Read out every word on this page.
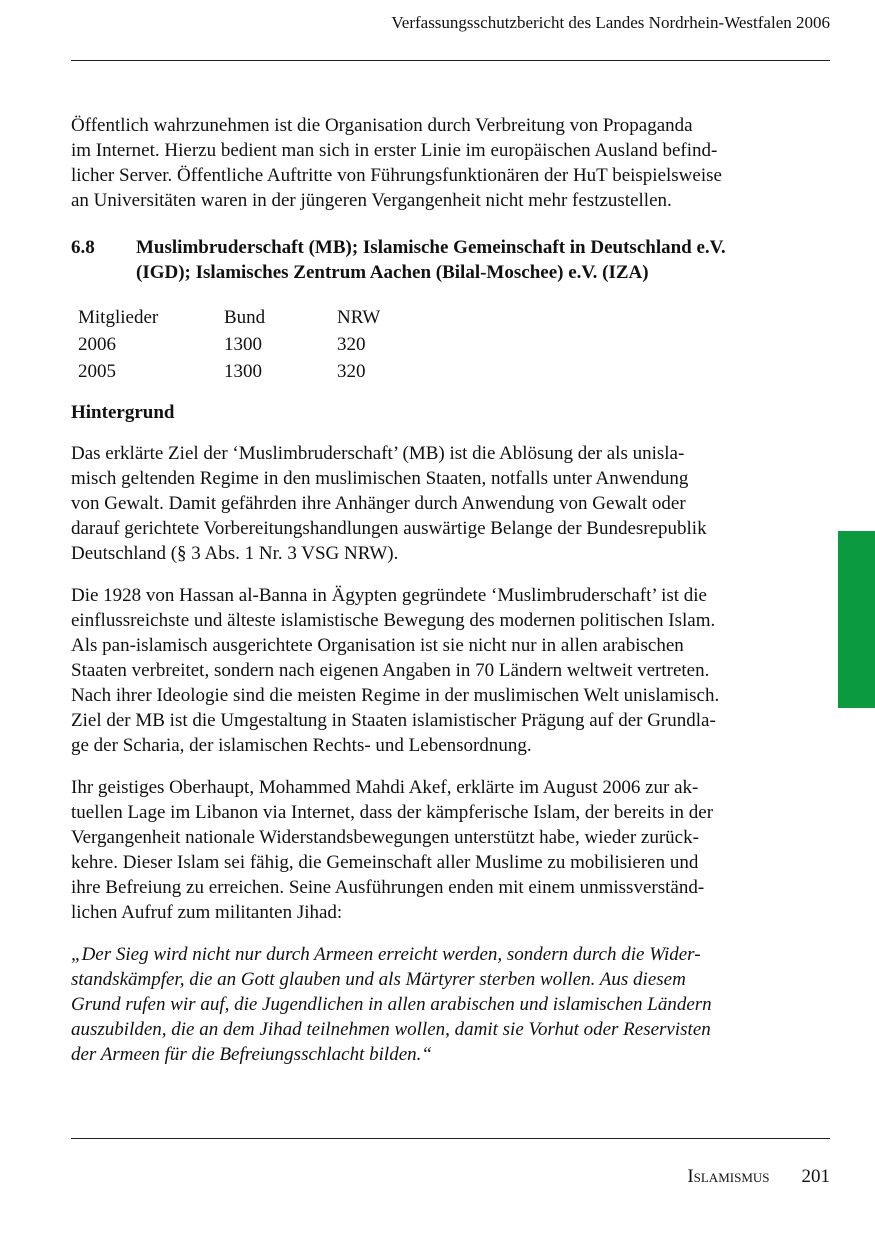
Verfassungsschutzbericht des Landes Nordrhein-Westfalen 2006

Öffentlich wahrzunehmen ist die Organisation durch Verbreitung von Propaganda
im Internet. Hierzu bedient man sich in erster Linie im europäischen Ausland befind-
licher Server. Öffentliche Auftritte von Führungsfunktionären der HuT beispielsweise
an Universitäten waren in der jüngeren Vergangenheit nicht mehr festzustellen.

6.8	Muslimbruderschaft (MB); Islamische Gemeinschaft in Deutschland e.V.
(IGD); Islamisches Zentrum Aachen (Bilal-Moschee) e.V. (IZA)
Mitglieder	Bund	NRW
2006	1300	320
2005	1300	320
Hintergrund

Das erklärte Ziel der ‘Muslimbruderschaft’ (MB) ist die Ablösung der als unisla-
misch geltenden Regime in den muslimischen Staaten, notfalls unter Anwendung
von Gewalt. Damit gefährden ihre Anhänger durch Anwendung von Gewalt oder
darauf gerichtete Vorbereitungshandlungen auswärtige Belange der Bundesrepublik
Deutschland (§ 3 Abs. 1 Nr. 3 VSG NRW).

Die 1928 von Hassan al-Banna in Ägypten gegründete ‘Muslimbruderschaft’ ist die
einflussreichste und älteste islamistische Bewegung des modernen politischen Islam.
Als pan-islamisch ausgerichtete Organisation ist sie nicht nur in allen arabischen
Staaten verbreitet, sondern nach eigenen Angaben in 70 Ländern weltweit vertreten.
Nach ihrer Ideologie sind die meisten Regime in der muslimischen Welt unislamisch.
Ziel der MB ist die Umgestaltung in Staaten islamistischer Prägung auf der Grundla-
ge der Scharia, der islamischen Rechts- und Lebensordnung.

Ihr geistiges Oberhaupt, Mohammed Mahdi Akef, erklärte im August 2006 zur ak-
tuellen Lage im Libanon via Internet, dass der kämpferische Islam, der bereits in der
Vergangenheit nationale Widerstandsbewegungen unterstützt habe, wieder zurück-
kehre. Dieser Islam sei fähig, die Gemeinschaft aller Muslime zu mobilisieren und
ihre Befreiung zu erreichen. Seine Ausführungen enden mit einem unmissverständ-
lichen Aufruf zum militanten Jihad:

„Der Sieg wird nicht nur durch Armeen erreicht werden, sondern durch die Wider-
standskämpfer, die an Gott glauben und als Märtyrer sterben wollen. Aus diesem
Grund rufen wir auf, die Jugendlichen in allen arabischen und islamischen Ländern
auszubilden, die an dem Jihad teilnehmen wollen, damit sie Vorhut oder Reservisten
der Armeen für die Befreiungsschlacht bilden.“

Islamismus 201
